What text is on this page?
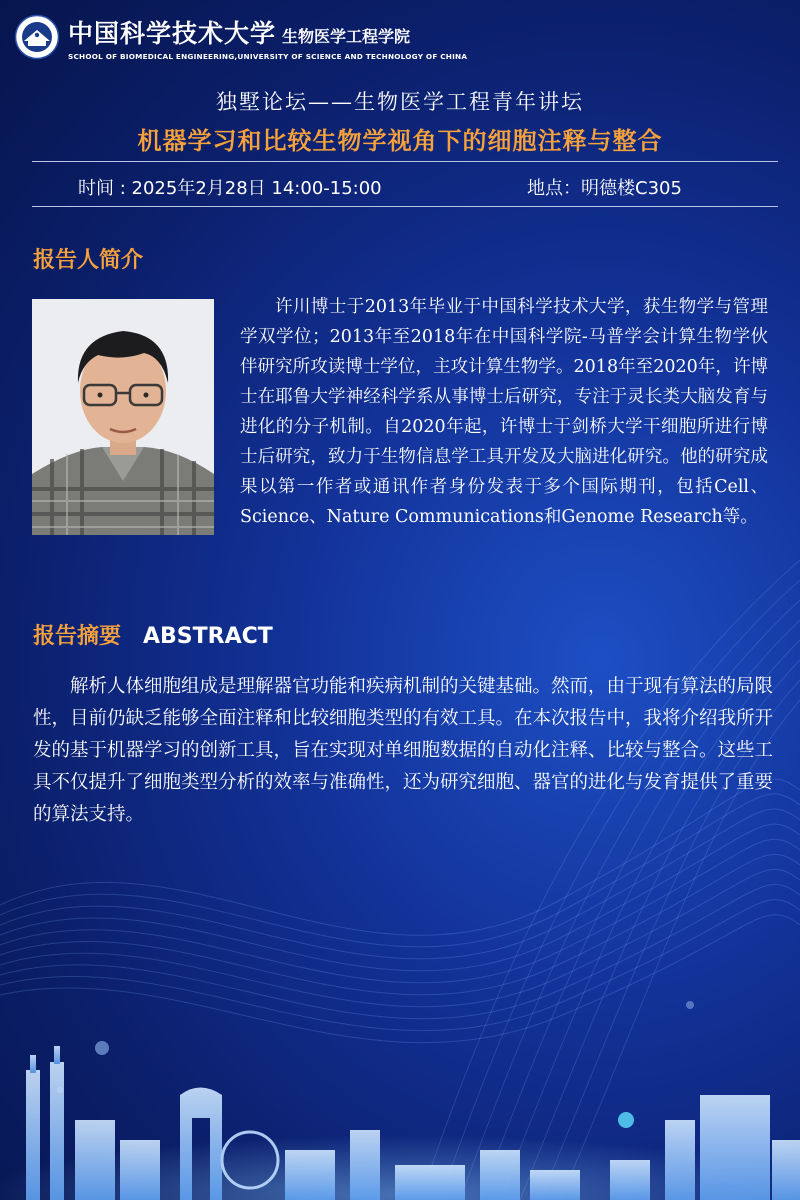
中国科学技术大学 生物医学工程学院
SCHOOL OF BIOMEDICAL ENGINEERING,UNIVERSITY OF SCIENCE AND TECHNOLOGY OF CHINA
独墅论坛——生物医学工程青年讲坛
机器学习和比较生物学视角下的细胞注释与整合
时间 : 2025年2月28日 14:00-15:00	地点：明德楼C305
报告人简介

许川博士于2013年毕业于中国科学技术大学，获生物学与管理学双学位；2013年至2018年在中国科学院-马普学会计算生物学伙伴研究所攻读博士学位，主攻计算生物学。2018年至2020年，许博士在耶鲁大学神经科学系从事博士后研究，专注于灵长类大脑发育与进化的分子机制。自2020年起，许博士于剑桥大学干细胞所进行博士后研究，致力于生物信息学工具开发及大脑进化研究。他的研究成果以第一作者或通讯作者身份发表于多个国际期刊，包括Cell、Science、Nature Communications和Genome Research等。

报告摘要 ABSTRACT

解析人体细胞组成是理解器官功能和疾病机制的关键基础。然而，由于现有算法的局限性，目前仍缺乏能够全面注释和比较细胞类型的有效工具。在本次报告中，我将介绍我所开发的基于机器学习的创新工具，旨在实现对单细胞数据的自动化注释、比较与整合。这些工具不仅提升了细胞类型分析的效率与准确性，还为研究细胞、器官的进化与发育提供了重要的算法支持。
